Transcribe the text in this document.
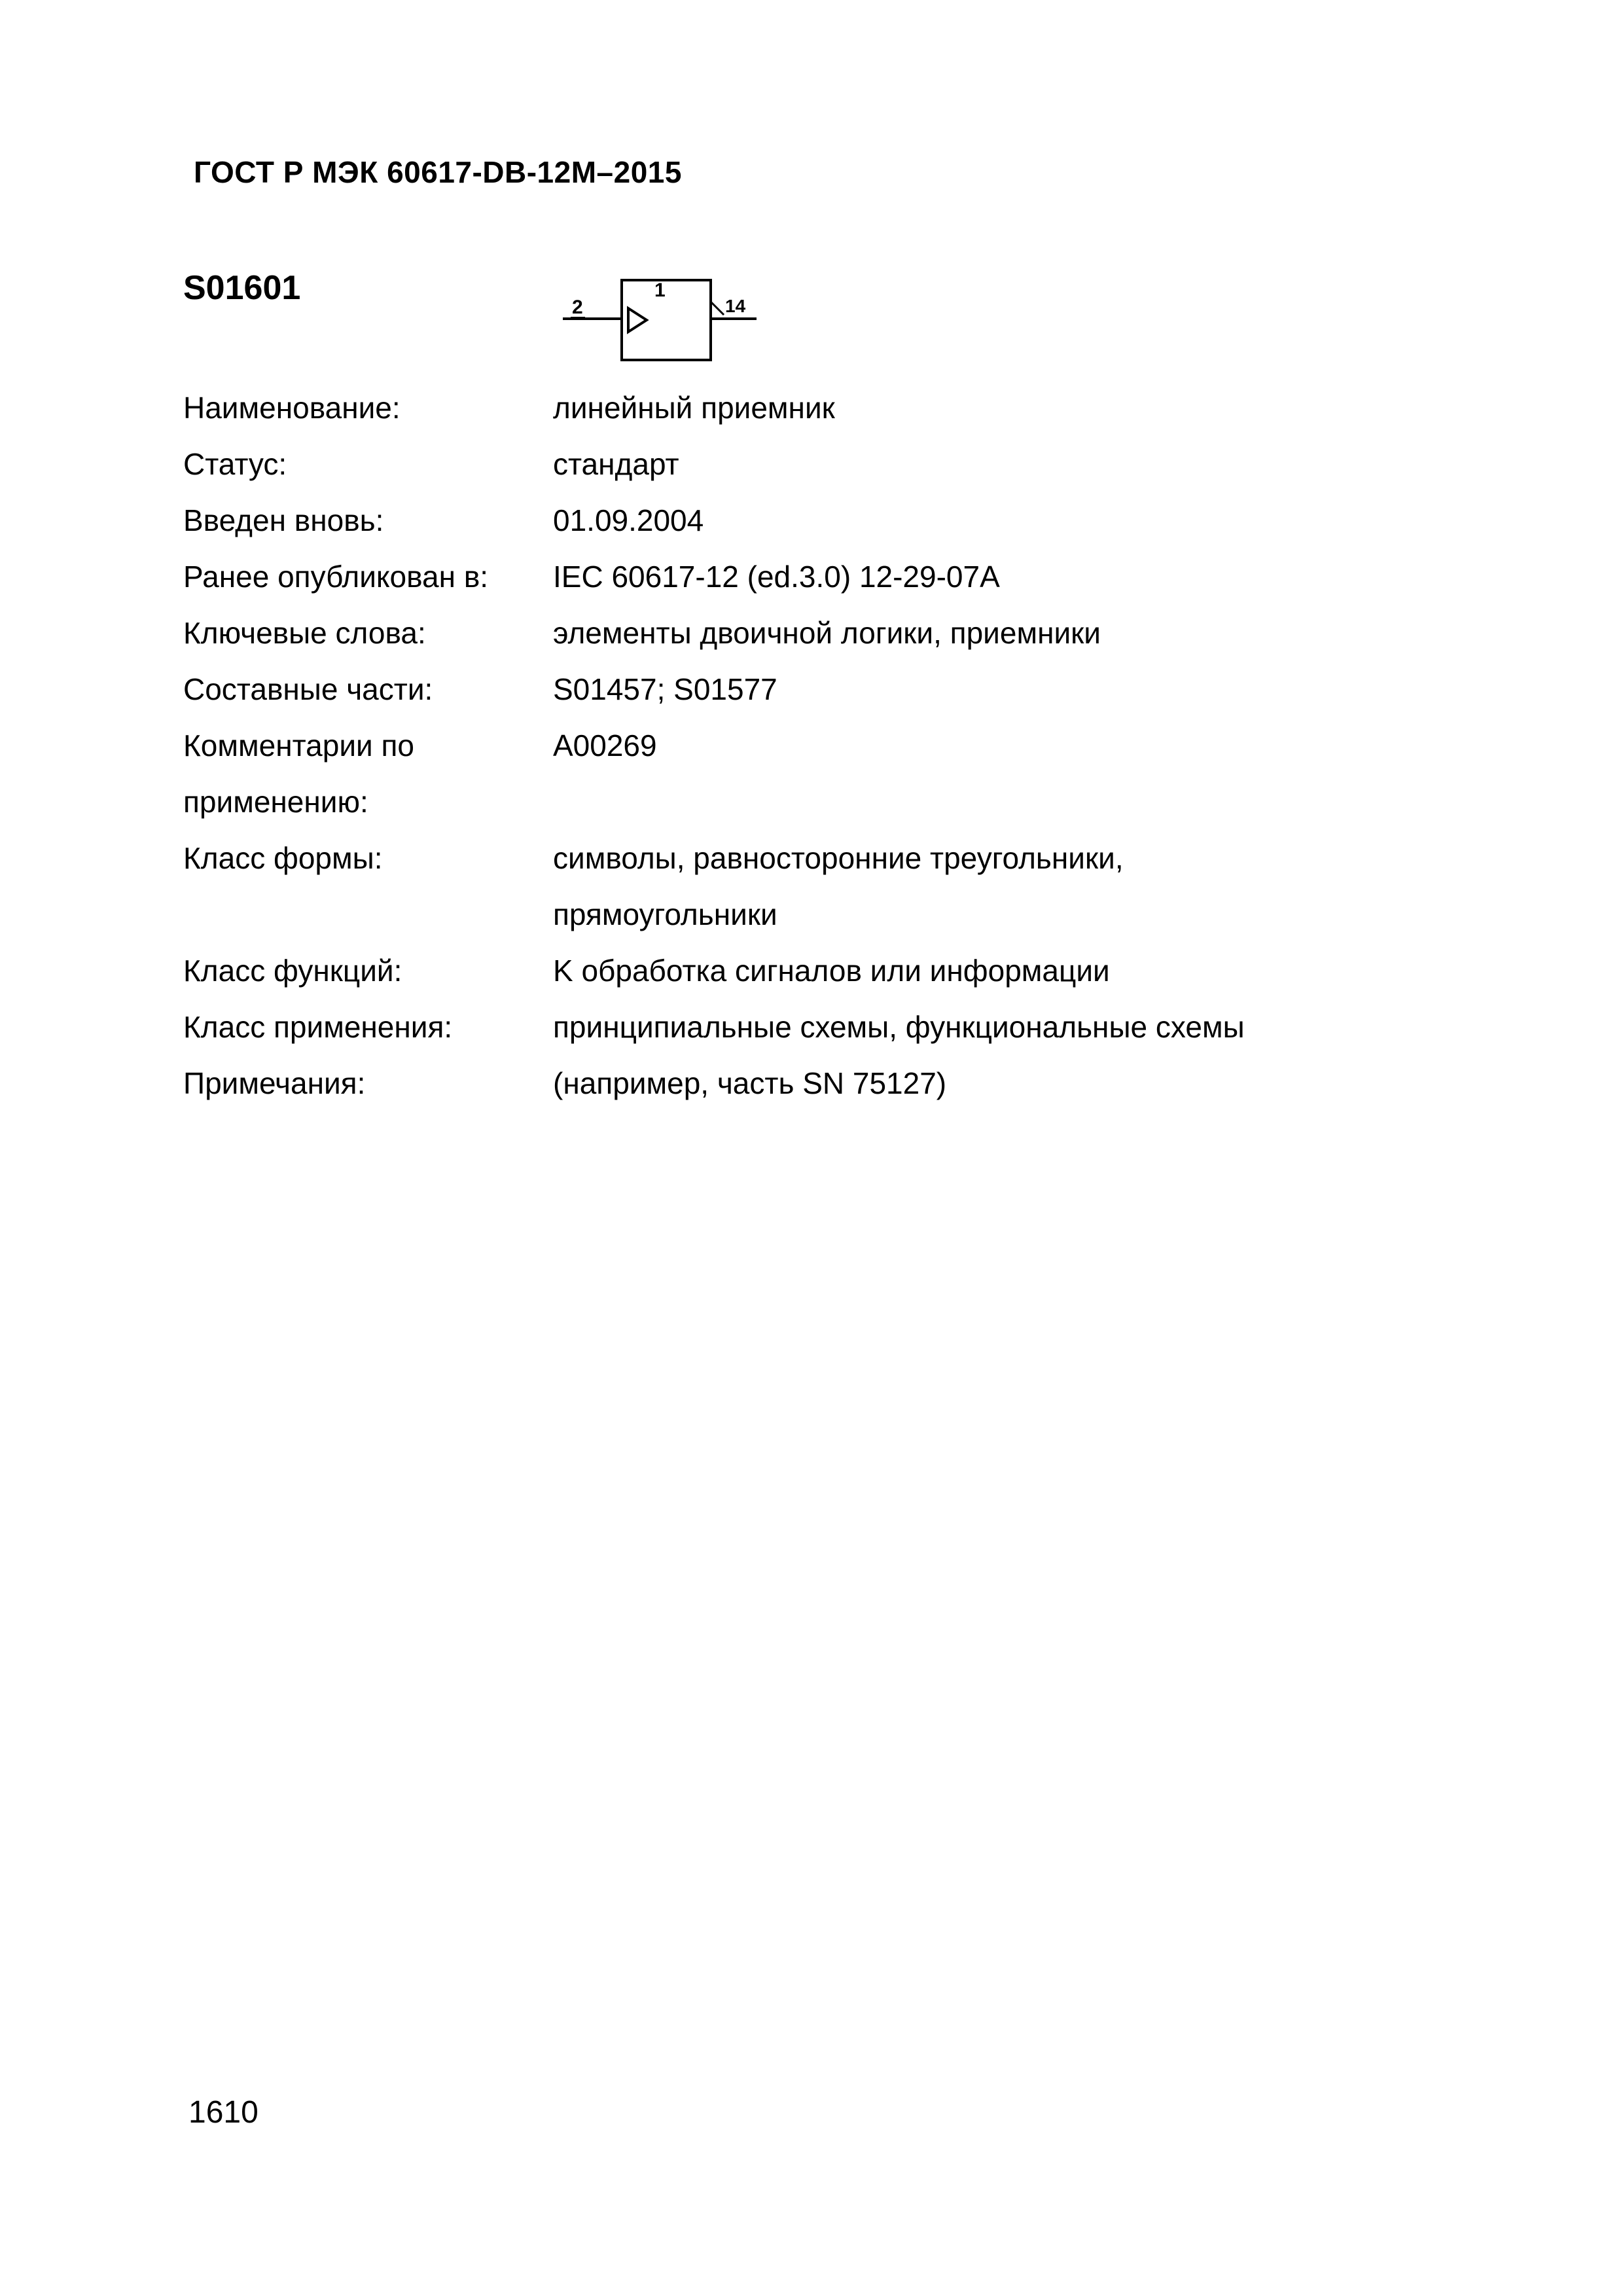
ГОСТ Р МЭК 60617-DB-12M–2015
S01601
2
1
14
Наименование:	линейный приемник
Статус:	стандарт
Введен вновь:	01.09.2004
Ранее опубликован в:	IEC 60617-12 (ed.3.0) 12-29-07A
Ключевые слова:	элементы двоичной логики, приемники
Составные части:	S01457; S01577
Комментарии по
применению:
A00269
Класс формы:	символы, равносторонние треугольники,
прямоугольники
Класс функций:	K обработка сигналов или информации
Класс применения:	принципиальные схемы, функциональные схемы
Примечания:	(например, часть SN 75127)
1610
